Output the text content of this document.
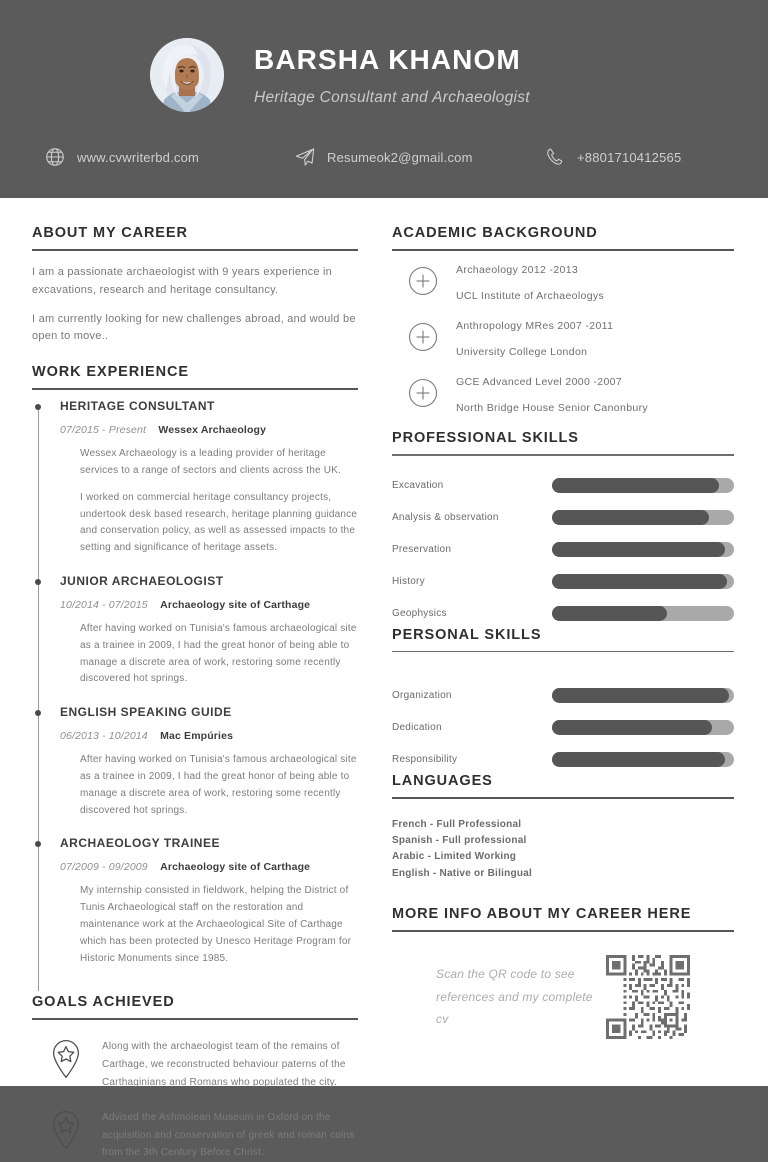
BARSHA KHANOM
Heritage Consultant and Archaeologist
www.cvwriterbd.com	Resumeok2@gmail.com	+8801710412565
ABOUT MY CAREER
I am a passionate archaeologist with 9 years experience in excavations, research and heritage consultancy.
I am currently looking for new challenges abroad, and would be open to move..
WORK EXPERIENCE
HERITAGE CONSULTANT
07/2015 - Present Wessex Archaeology
Wessex Archaeology is a leading provider of heritage services to a range of sectors and clients across the UK.
I worked on commercial heritage consultancy projects, undertook desk based research, heritage planning guidance and conservation policy, as well as assessed impacts to the setting and significance of heritage assets.
JUNIOR ARCHAEOLOGIST
10/2014 - 07/2015 Archaeology site of Carthage
After having worked on Tunisia's famous archaeological site as a trainee in 2009, I had the great honor of being able to manage a discrete area of work, restoring some recently discovered hot springs.
ENGLISH SPEAKING GUIDE
06/2013 - 10/2014 Mac Empúries
After having worked on Tunisia's famous archaeological site as a trainee in 2009, I had the great honor of being able to manage a discrete area of work, restoring some recently discovered hot springs.
ARCHAEOLOGY TRAINEE
07/2009 - 09/2009 Archaeology site of Carthage
My internship consisted in fieldwork, helping the District of Tunis Archaeological staff on the restoration and maintenance work at the Archaeological Site of Carthage which has been protected by Unesco Heritage Program for Historic Monuments since 1985.
GOALS ACHIEVED
Along with the archaeologist team of the remains of Carthage, we reconstructed behaviour paterns of the Carthaginians and Romans who populated the city.
Advised the Ashmolean Museum in Oxford on the acquisition and conservation of greek and roman coins from the 3th Century Before Christ.
ACADEMIC BACKGROUND
Archaeology 2012 -2013
UCL Institute of Archaeologys
Anthropology MRes 2007 -2011
University College London
GCE Advanced Level 2000 -2007
North Bridge House Senior Canonbury
PROFESSIONAL SKILLS
Excavation
Analysis & observation
Preservation
History
Geophysics
PERSONAL SKILLS
Organization
Dedication
Responsibility
LANGUAGES
French - Full Professional
Spanish - Full professional
Arabic - Limited Working
English - Native or Bilingual
MORE INFO ABOUT MY CAREER HERE
Scan the QR code to see references and my complete cv
